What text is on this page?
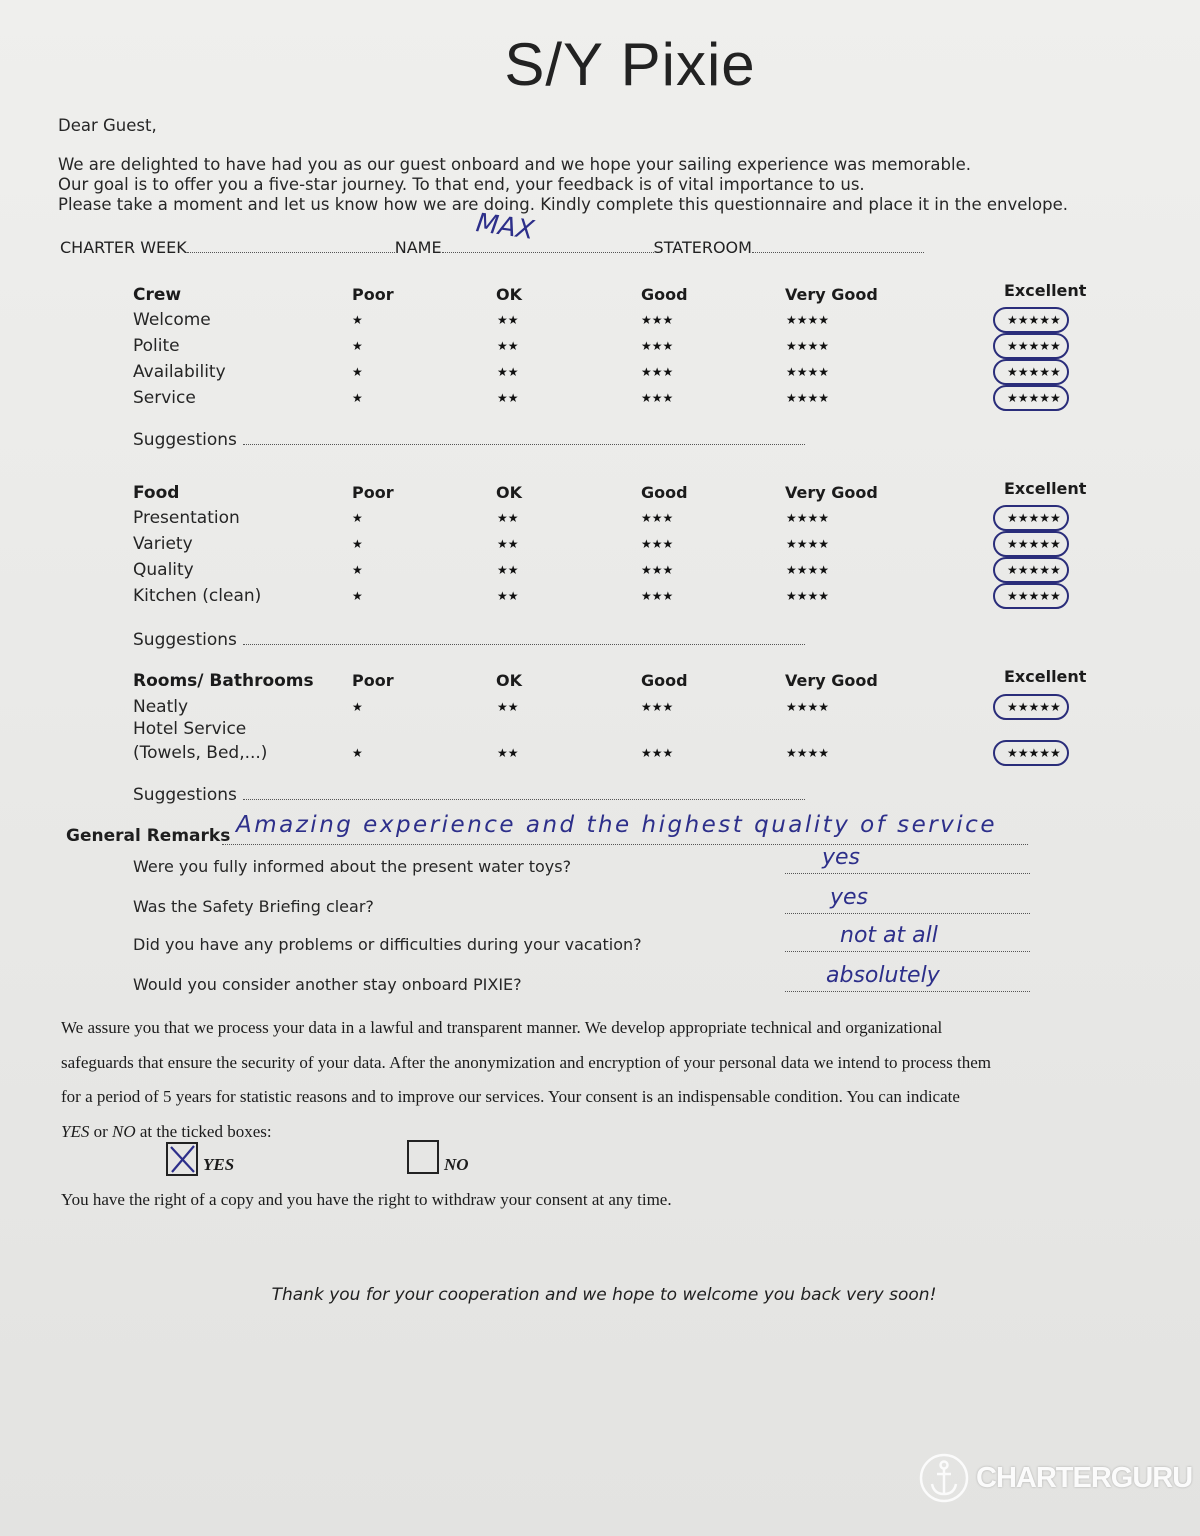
S/Y Pixie
Dear Guest,
We are delighted to have had you as our guest onboard and we hope your sailing experience was memorable.
Our goal is to offer you a five-star journey. To that end, your feedback is of vital importance to us.
Please take a moment and let us know how we are doing. Kindly complete this questionnaire and place it in the envelope.
CHARTER WEEK	NAME	STATEROOM
MAX
Crew	Poor	OK	Good	Very Good	Excellent
Welcome	★	★★	★★★	★★★★	★★★★★
Polite	★	★★	★★★	★★★★	★★★★★
Availability	★	★★	★★★	★★★★	★★★★★
Service	★	★★	★★★	★★★★	★★★★★
Suggestions
Food	Poor	OK	Good	Very Good	Excellent
Presentation	★	★★	★★★	★★★★	★★★★★
Variety	★	★★	★★★	★★★★	★★★★★
Quality	★	★★	★★★	★★★★	★★★★★
Kitchen (clean)	★	★★	★★★	★★★★	★★★★★
Suggestions
Rooms/ Bathrooms Poor	OK	Good	Very Good	Excellent
Neatly	★	★★	★★★	★★★★	★★★★★
Hotel Service
(Towels, Bed,...)	★	★★	★★★	★★★★	★★★★★
Suggestions
General Remarks Amazing experience and the highest quality of service
Were you fully informed about the present water toys?	yes
Was the Safety Briefing clear?	yes
Did you have any problems or difficulties during your vacation?	not at all
Would you consider another stay onboard PIXIE?	absolutely
We assure you that we process your data in a lawful and transparent manner. We develop appropriate technical and organizational
safeguards that ensure the security of your data. After the anonymization and encryption of your personal data we intend to process them
for a period of 5 years for statistic reasons and to improve our services. Your consent is an indispensable condition. You can indicate
YES or NO at the ticked boxes:
YES	NO
You have the right of a copy and you have the right to withdraw your consent at any time.
Thank you for your cooperation and we hope to welcome you back very soon!
CHARTERGURU
